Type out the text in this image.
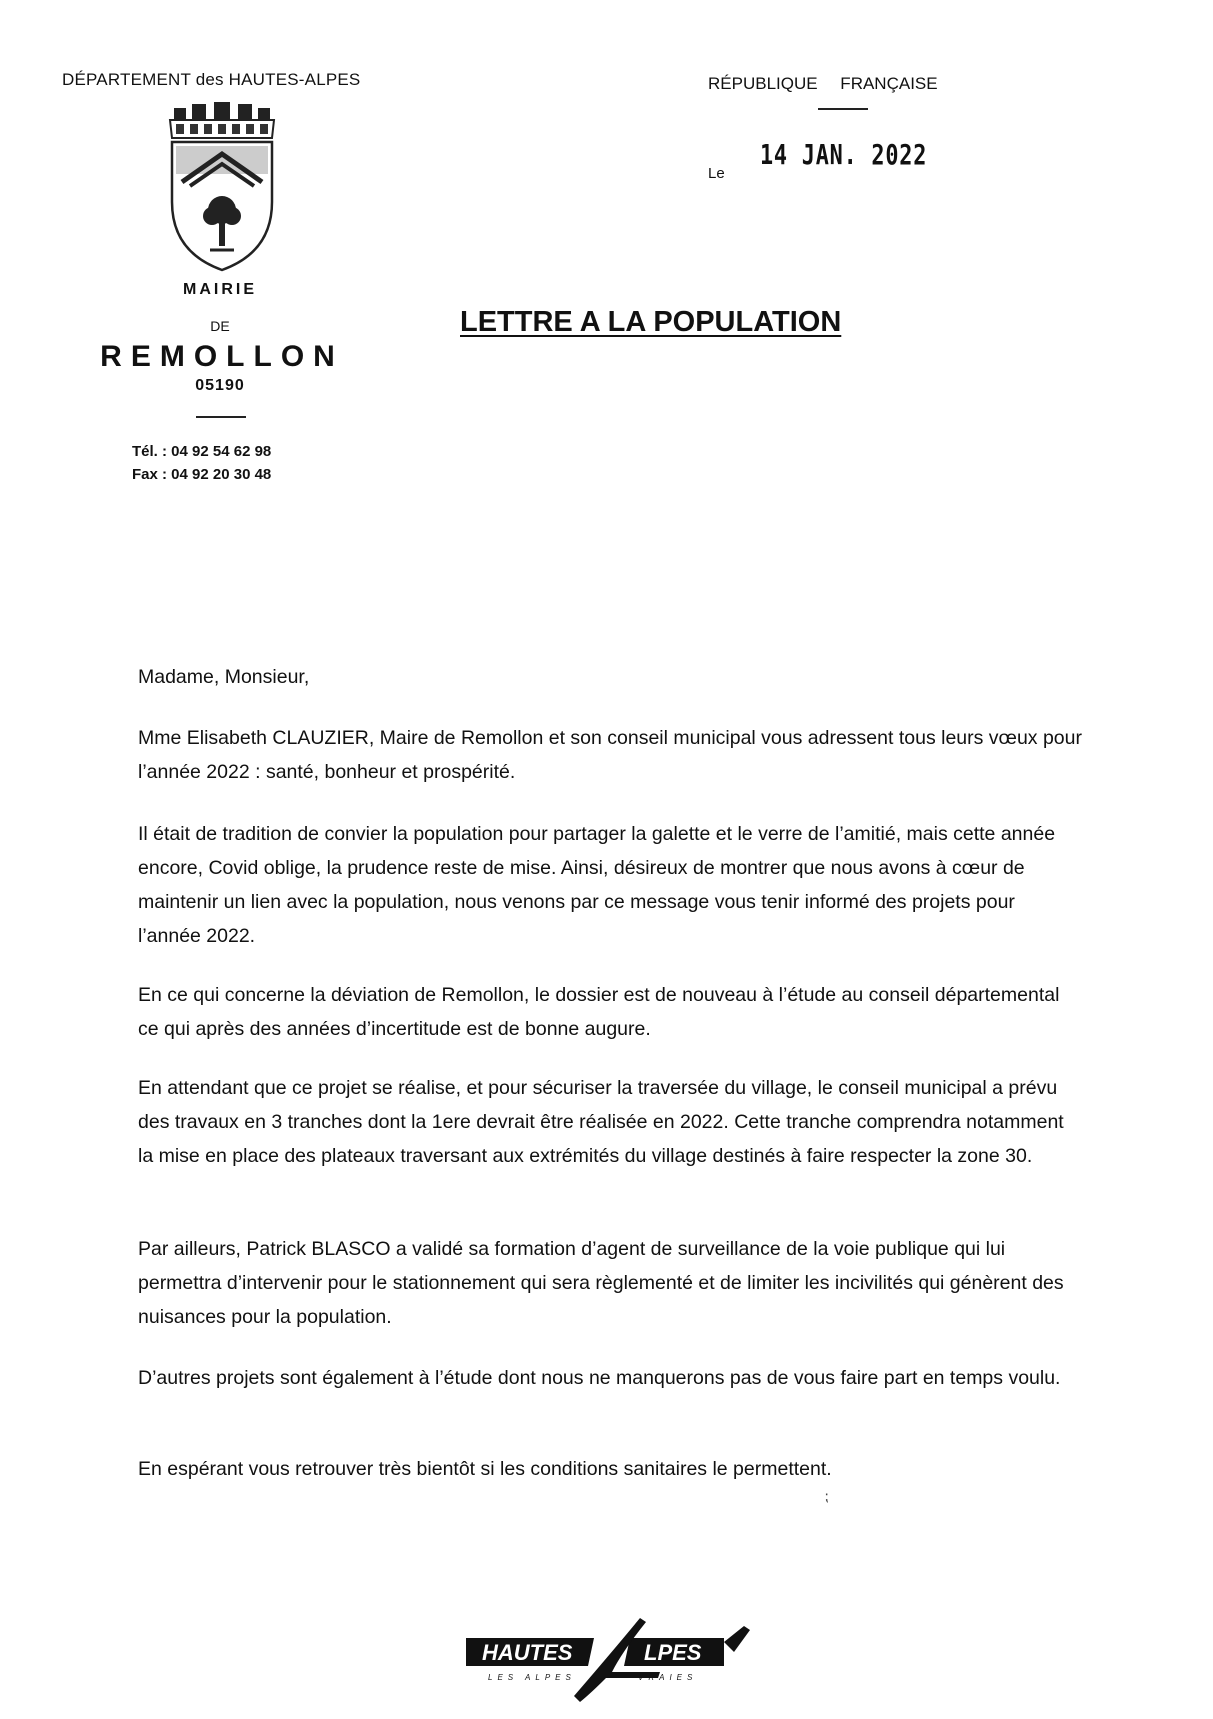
DÉPARTEMENT des HAUTES-ALPES	RÉPUBLIQUE FRANÇAISE
Le
14 JAN. 2022
MAIRIE
DE
REMOLLON
05190
Tél. : 04 92 54 62 98
Fax : 04 92 20 30 48
LETTRE A LA POPULATION
Madame, Monsieur,
Mme Elisabeth CLAUZIER, Maire de Remollon et son conseil municipal vous adressent tous leurs vœux pour l’année 2022 : santé, bonheur et prospérité.
Il était de tradition de convier la population pour partager la galette et le verre de l’amitié, mais cette année encore, Covid oblige, la prudence reste de mise. Ainsi, désireux de montrer que nous avons à cœur de maintenir un lien avec la population, nous venons par ce message vous tenir informé des projets pour l’année 2022.
En ce qui concerne la déviation de Remollon, le dossier est de nouveau à l’étude au conseil départemental ce qui après des années d’incertitude est de bonne augure.
En attendant que ce projet se réalise, et pour sécuriser la traversée du village, le conseil municipal a prévu des travaux en 3 tranches dont la 1ere devrait être réalisée en 2022. Cette tranche comprendra notamment la mise en place des plateaux traversant aux extrémités du village destinés à faire respecter la zone 30.
Par ailleurs, Patrick BLASCO a validé sa formation d’agent de surveillance de la voie publique qui lui permettra d’intervenir pour le stationnement qui sera règlementé et de limiter les incivilités qui génèrent des nuisances pour la population.
D’autres projets sont également à l’étude dont nous ne manquerons pas de vous faire part en temps voulu.
En espérant vous retrouver très bientôt si les conditions sanitaires le permettent.
⁏
HAUTES	LPES
LES ALPES	VRAIES
